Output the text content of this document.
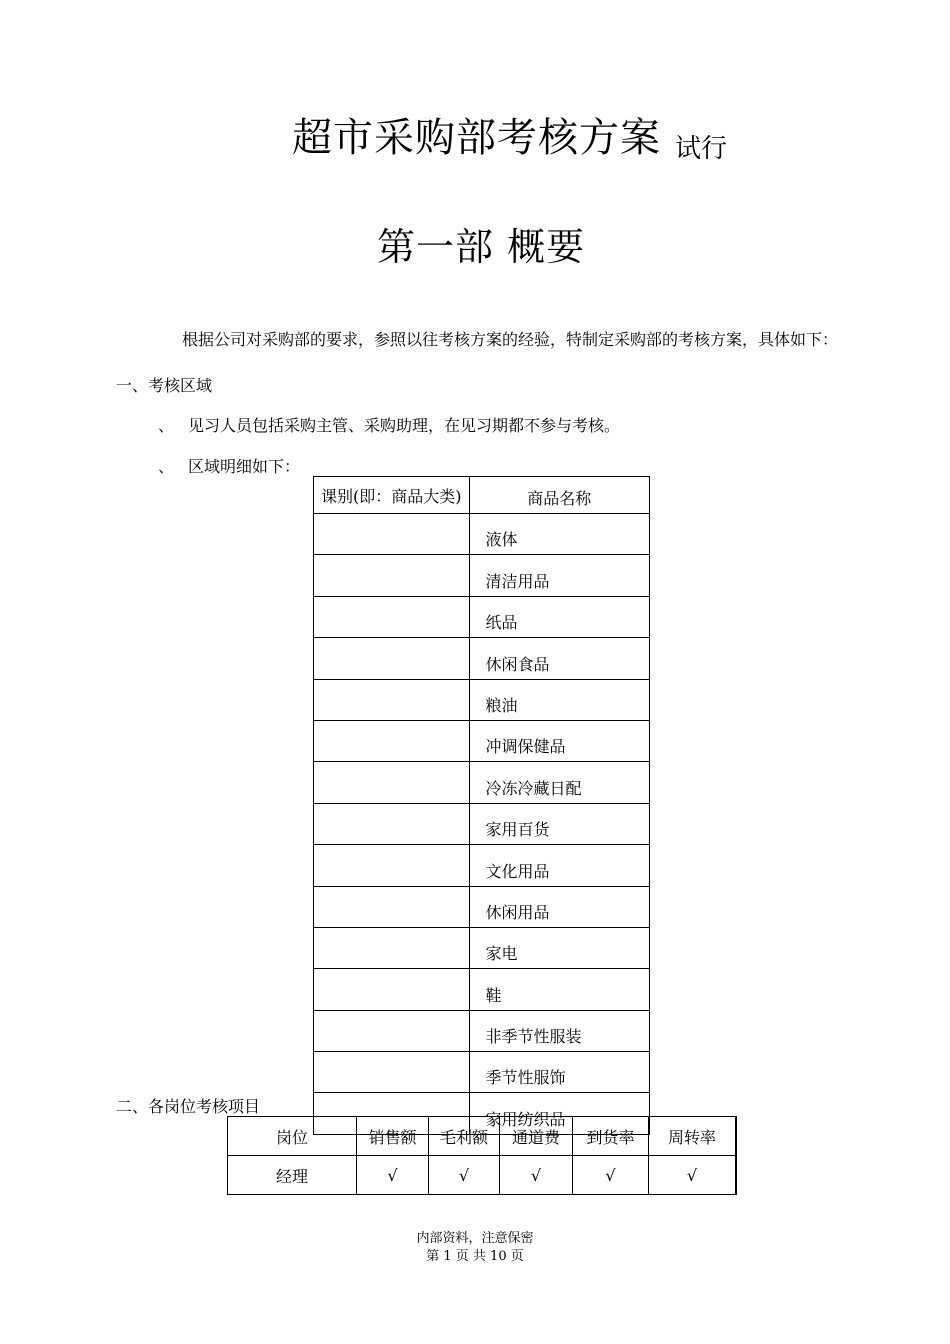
超市采购部考核方案 试行
第一部 概要
根据公司对采购部的要求，参照以往考核方案的经验，特制定采购部的考核方案，具体如下：
一、考核区域
、 见习人员包括采购主管、采购助理，在见习期都不参与考核。
、 区域明细如下：
课别(即：商品大类)	商品名称
	液体
	清洁用品
	纸品
	休闲食品
	粮油
	冲调保健品
	冷冻冷藏日配
	家用百货
	文化用品
	休闲用品
	家电
	鞋
	非季节性服装
	季节性服饰
	家用纺织品
二、各岗位考核项目
岗位	销售额	毛利额	通道费	到货率	周转率
经理	√	√	√	√	√
内部资料，注意保密
第 1 页 共 10 页
